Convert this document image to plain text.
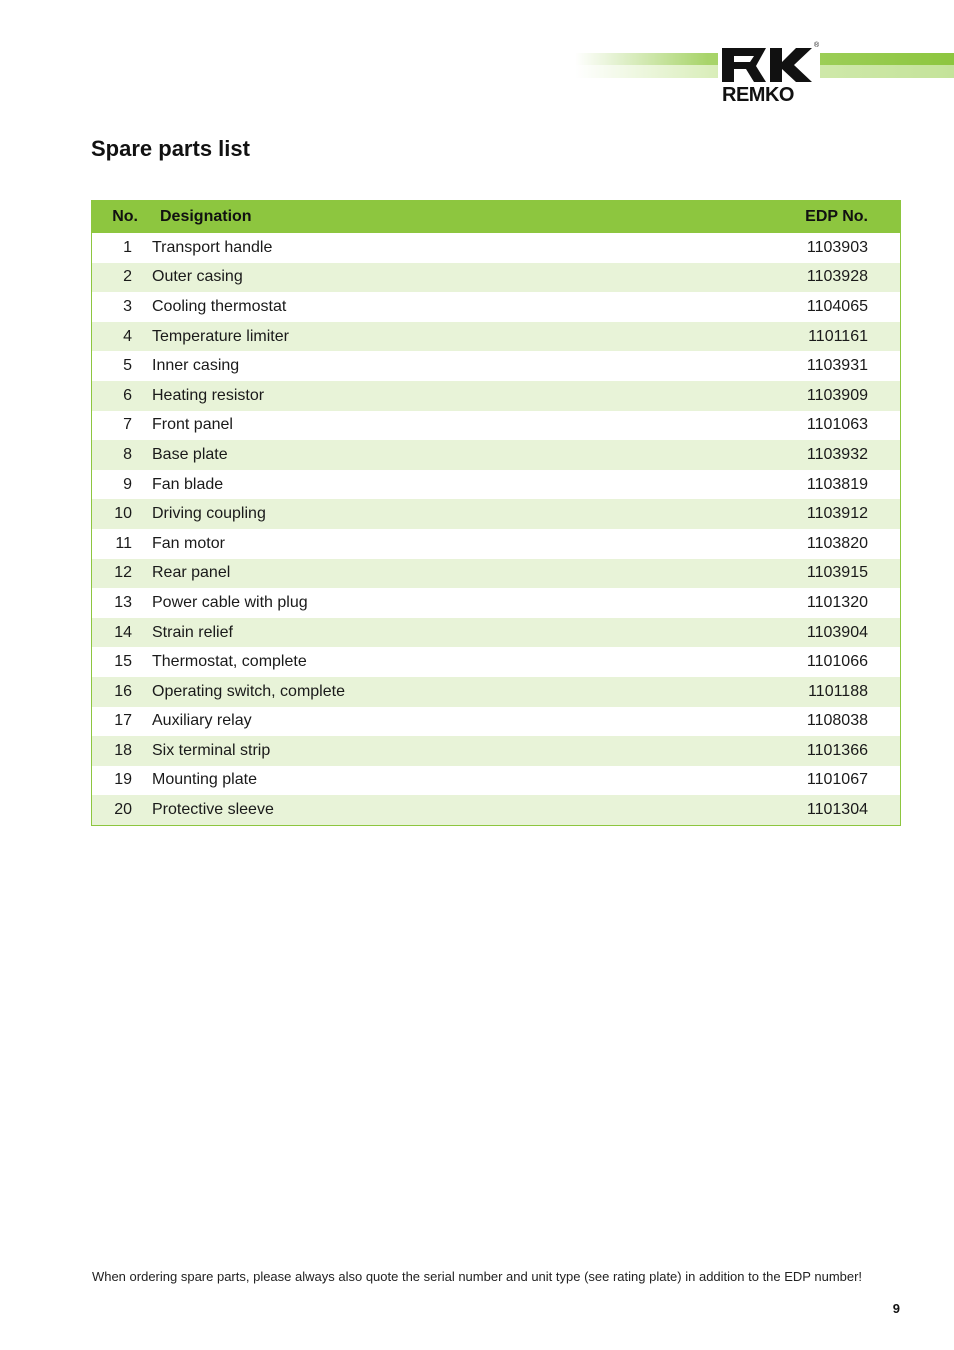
®
REMKO
Spare parts list
No.	Designation	EDP No.
1	Transport handle	1103903
2	Outer casing	1103928
3	Cooling thermostat	1104065
4	Temperature limiter	1101161
5	Inner casing	1103931
6	Heating resistor	1103909
7	Front panel	1101063
8	Base plate	1103932
9	Fan blade	1103819
10	Driving coupling	1103912
11	Fan motor	1103820
12	Rear panel	1103915
13	Power cable with plug	1101320
14	Strain relief	1103904
15	Thermostat, complete	1101066
16	Operating switch, complete	1101188
17	Auxiliary relay	1108038
18	Six terminal strip	1101366
19	Mounting plate	1101067
20	Protective sleeve	1101304
When ordering spare parts, please always also quote the serial number and unit type (see rating plate) in addition to the EDP number!
9
